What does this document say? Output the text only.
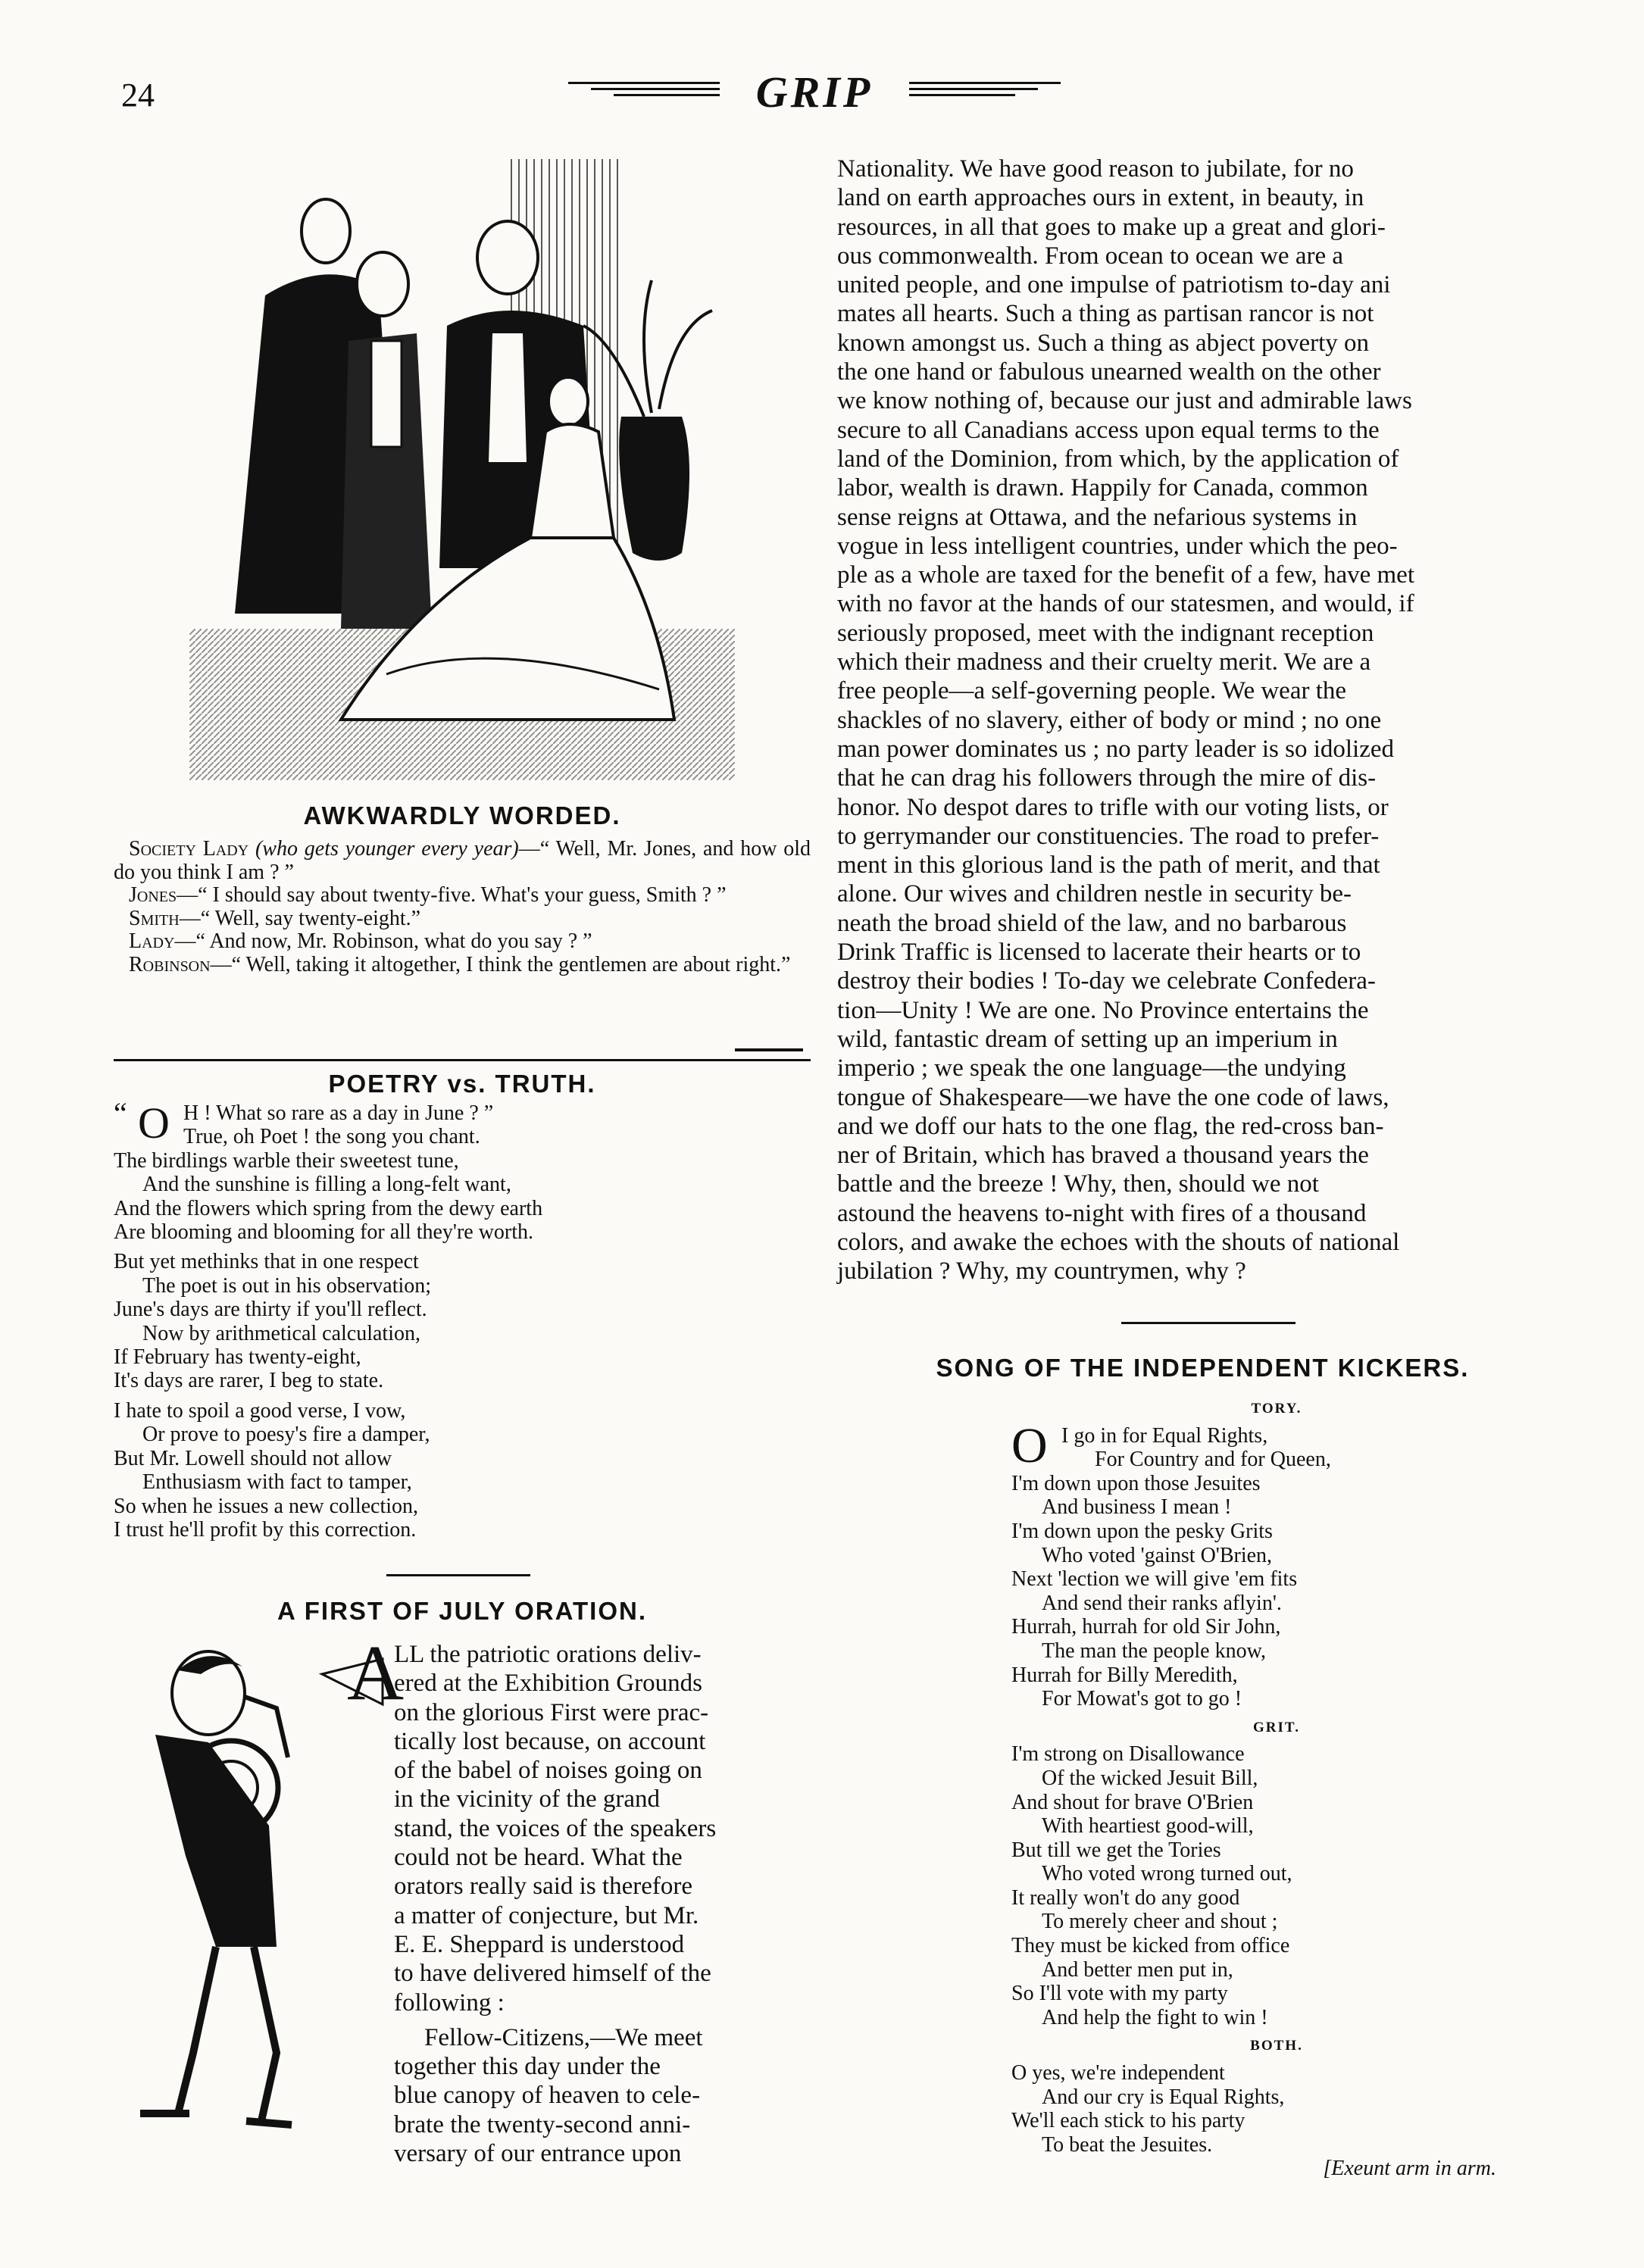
24	GRIP
AWKWARDLY WORDED.

Society Lady (who gets younger every year)—“ Well, Mr. Jones, and how old do you think I am ? ”

Jones—“ I should say about twenty-five. What's your guess, Smith ? ”

Smith—“ Well, say twenty-eight.”

Lady—“ And now, Mr. Robinson, what do you say ? ”

Robinson—“ Well, taking it altogether, I think the gentlemen are about right.”

POETRY vs. TRUTH.
“ O H ! What so rare as a day in June ? ”
True, oh Poet ! the song you chant.
The birdlings warble their sweetest tune,
And the sunshine is filling a long-felt want,
And the flowers which spring from the dewy earth
Are blooming and blooming for all they're worth.
But yet methinks that in one respect
The poet is out in his observation;
June's days are thirty if you'll reflect.
Now by arithmetical calculation,
If February has twenty-eight,
It's days are rarer, I beg to state.
I hate to spoil a good verse, I vow,
Or prove to poesy's fire a damper,
But Mr. Lowell should not allow
Enthusiasm with fact to tamper,
So when he issues a new collection,
I trust he'll profit by this correction.
A FIRST OF JULY ORATION.
A
LL the patriotic orations deliv-
ered at the Exhibition Grounds
on the glorious First were prac-
tically lost because, on account
of the babel of noises going on
in the vicinity of the grand
stand, the voices of the speakers
could not be heard. What the
orators really said is therefore
a matter of conjecture, but Mr.
E. E. Sheppard is understood
to have delivered himself of the
following :
Fellow-Citizens,—We meet
together this day under the
blue canopy of heaven to cele-
brate the twenty-second anni-
versary of our entrance upon
Nationality. We have good reason to jubilate, for no
land on earth approaches ours in extent, in beauty, in
resources, in all that goes to make up a great and glori-
ous commonwealth. From ocean to ocean we are a
united people, and one impulse of patriotism to-day ani
mates all hearts. Such a thing as partisan rancor is not
known amongst us. Such a thing as abject poverty on
the one hand or fabulous unearned wealth on the other
we know nothing of, because our just and admirable laws
secure to all Canadians access upon equal terms to the
land of the Dominion, from which, by the application of
labor, wealth is drawn. Happily for Canada, common
sense reigns at Ottawa, and the nefarious systems in
vogue in less intelligent countries, under which the peo-
ple as a whole are taxed for the benefit of a few, have met
with no favor at the hands of our statesmen, and would, if
seriously proposed, meet with the indignant reception
which their madness and their cruelty merit. We are a
free people—a self-governing people. We wear the
shackles of no slavery, either of body or mind ; no one
man power dominates us ; no party leader is so idolized
that he can drag his followers through the mire of dis-
honor. No despot dares to trifle with our voting lists, or
to gerrymander our constituencies. The road to prefer-
ment in this glorious land is the path of merit, and that
alone. Our wives and children nestle in security be-
neath the broad shield of the law, and no barbarous
Drink Traffic is licensed to lacerate their hearts or to
destroy their bodies ! To-day we celebrate Confedera-
tion—Unity ! We are one. No Province entertains the
wild, fantastic dream of setting up an imperium in
imperio ; we speak the one language—the undying
tongue of Shakespeare—we have the one code of laws,
and we doff our hats to the one flag, the red-cross ban-
ner of Britain, which has braved a thousand years the
battle and the breeze ! Why, then, should we not
astound the heavens to-night with fires of a thousand
colors, and awake the echoes with the shouts of national
jubilation ? Why, my countrymen, why ?
SONG OF THE INDEPENDENT KICKERS.
TORY.
I go in for Equal Rights,
O	For Country and for Queen,
I'm down upon those Jesuites
And business I mean !
I'm down upon the pesky Grits
Who voted 'gainst O'Brien,
Next 'lection we will give 'em fits
And send their ranks aflyin'.
Hurrah, hurrah for old Sir John,
The man the people know,
Hurrah for Billy Meredith,
For Mowat's got to go !
GRIT.
I'm strong on Disallowance
Of the wicked Jesuit Bill,
And shout for brave O'Brien
With heartiest good-will,
But till we get the Tories
Who voted wrong turned out,
It really won't do any good
To merely cheer and shout ;
They must be kicked from office
And better men put in,
So I'll vote with my party
And help the fight to win !
BOTH.
O yes, we're independent
And our cry is Equal Rights,
We'll each stick to his party
To beat the Jesuites.
[Exeunt arm in arm.
